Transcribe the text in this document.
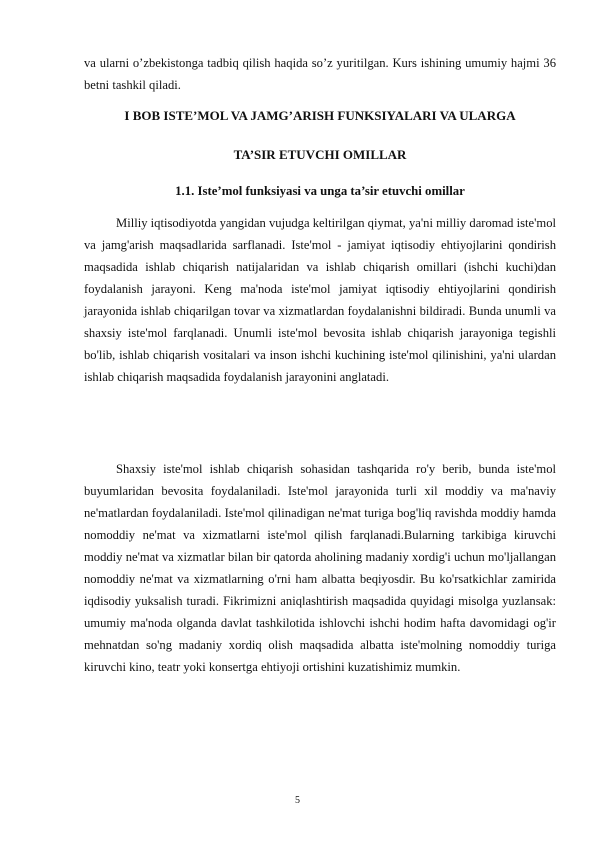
va ularni o’zbekistonga tadbiq qilish haqida so’z yuritilgan. Kurs ishining umumiy hajmi 36 betni tashkil qiladi.

I BOB ISTE’MOL VA JAMG’ARISH FUNKSIYALARI VA ULARGA

TA’SIR ETUVCHI OMILLAR

1.1. Iste’mol funksiyasi va unga ta’sir etuvchi omillar

Milliy iqtisodiyotda yangidan vujudga keltirilgan qiymat, ya'ni milliy daromad iste'mol va jamg'arish maqsadlarida sarflanadi. Iste'mol - jamiyat iqtisodiy ehtiyojlarini qondirish maqsadida ishlab chiqarish natijalaridan va ishlab chiqarish omillari (ishchi kuchi)dan foydalanish jarayoni. Keng ma'noda iste'mol jamiyat iqtisodiy ehtiyojlarini qondirish jarayonida ishlab chiqarilgan tovar va xizmatlardan foydalanishni bildiradi. Bunda unumli va shaxsiy iste'mol farqlanadi. Unumli iste'mol bevosita ishlab chiqarish jarayoniga tegishli bo'lib, ishlab chiqarish vositalari va inson ishchi kuchining iste'mol qilinishini, ya'ni ulardan ishlab chiqarish maqsadida foydalanish jarayonini anglatadi.

Shaxsiy iste'mol ishlab chiqarish sohasidan tashqarida ro'y berib, bunda iste'mol buyumlaridan bevosita foydalaniladi. Iste'mol jarayonida turli xil moddiy va ma'naviy ne'matlardan foydalaniladi. Iste'mol qilinadigan ne'mat turiga bog'liq ravishda moddiy hamda nomoddiy ne'mat va xizmatlarni iste'mol qilish farqlanadi.Bularning tarkibiga kiruvchi moddiy ne'mat va xizmatlar bilan bir qatorda aholining madaniy xordig'i uchun mo'ljallangan nomoddiy ne'mat va xizmatlarning o'rni ham albatta beqiyosdir. Bu ko'rsatkichlar zamirida iqdisodiy yuksalish turadi. Fikrimizni aniqlashtirish maqsadida quyidagi misolga yuzlansak: umumiy ma'noda olganda davlat tashkilotida ishlovchi ishchi hodim hafta davomidagi og'ir mehnatdan so'ng madaniy xordiq olish maqsadida albatta iste'molning nomoddiy turiga kiruvchi kino, teatr yoki konsertga ehtiyoji ortishini kuzatishimiz mumkin.

5
